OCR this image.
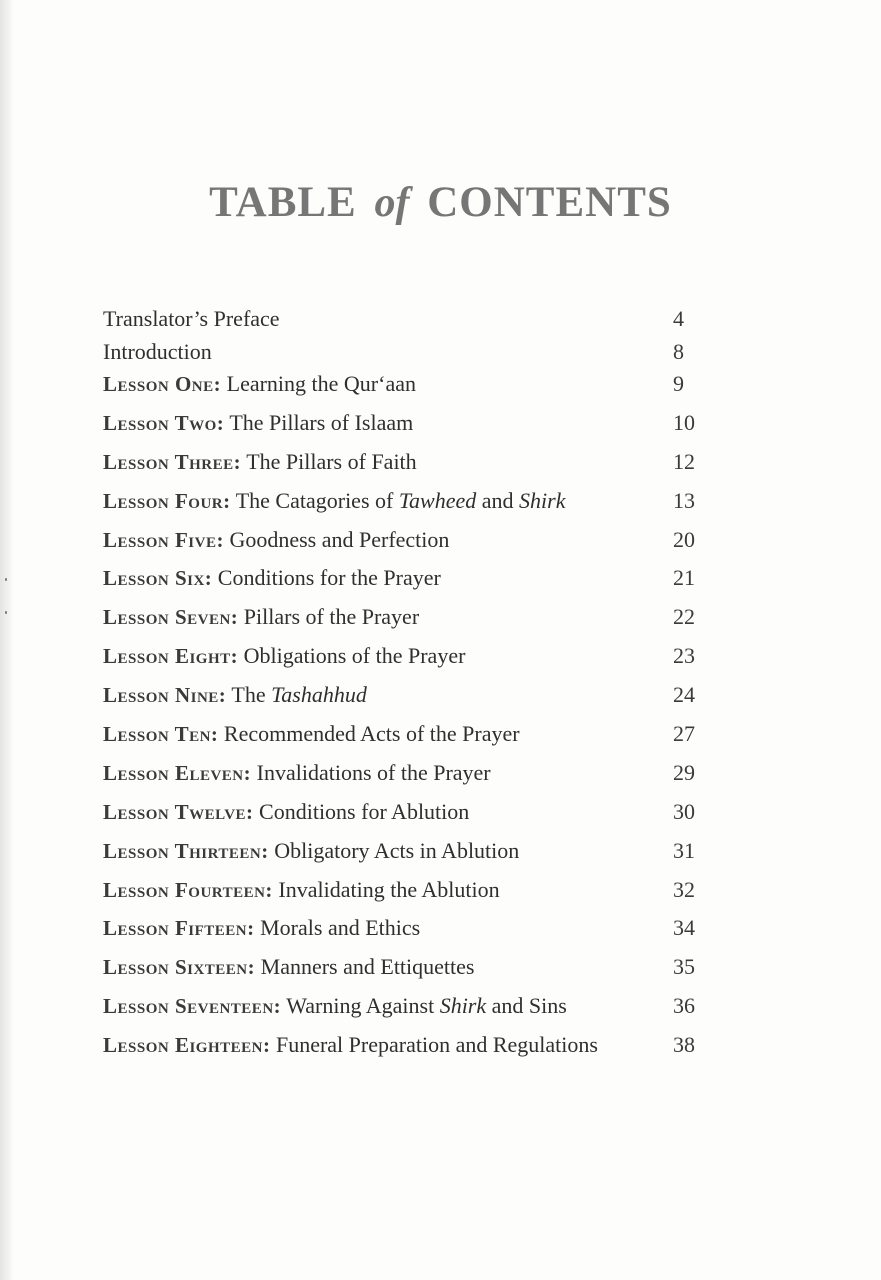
TABLE of CONTENTS
Translator’s Preface	4
Introduction	8
Lesson One: Learning the Qur‘aan	9
Lesson Two: The Pillars of Islaam	10
Lesson Three: The Pillars of Faith	12
Lesson Four: The Catagories of Tawheed and Shirk	13
Lesson Five: Goodness and Perfection	20
Lesson Six: Conditions for the Prayer	21
Lesson Seven: Pillars of the Prayer	22
Lesson Eight: Obligations of the Prayer	23
Lesson Nine: The Tashahhud	24
Lesson Ten: Recommended Acts of the Prayer	27
Lesson Eleven: Invalidations of the Prayer	29
Lesson Twelve: Conditions for Ablution	30
Lesson Thirteen: Obligatory Acts in Ablution	31
Lesson Fourteen: Invalidating the Ablution	32
Lesson Fifteen: Morals and Ethics	34
Lesson Sixteen: Manners and Ettiquettes	35
Lesson Seventeen: Warning Against Shirk and Sins	36
Lesson Eighteen: Funeral Preparation and Regulations	38
